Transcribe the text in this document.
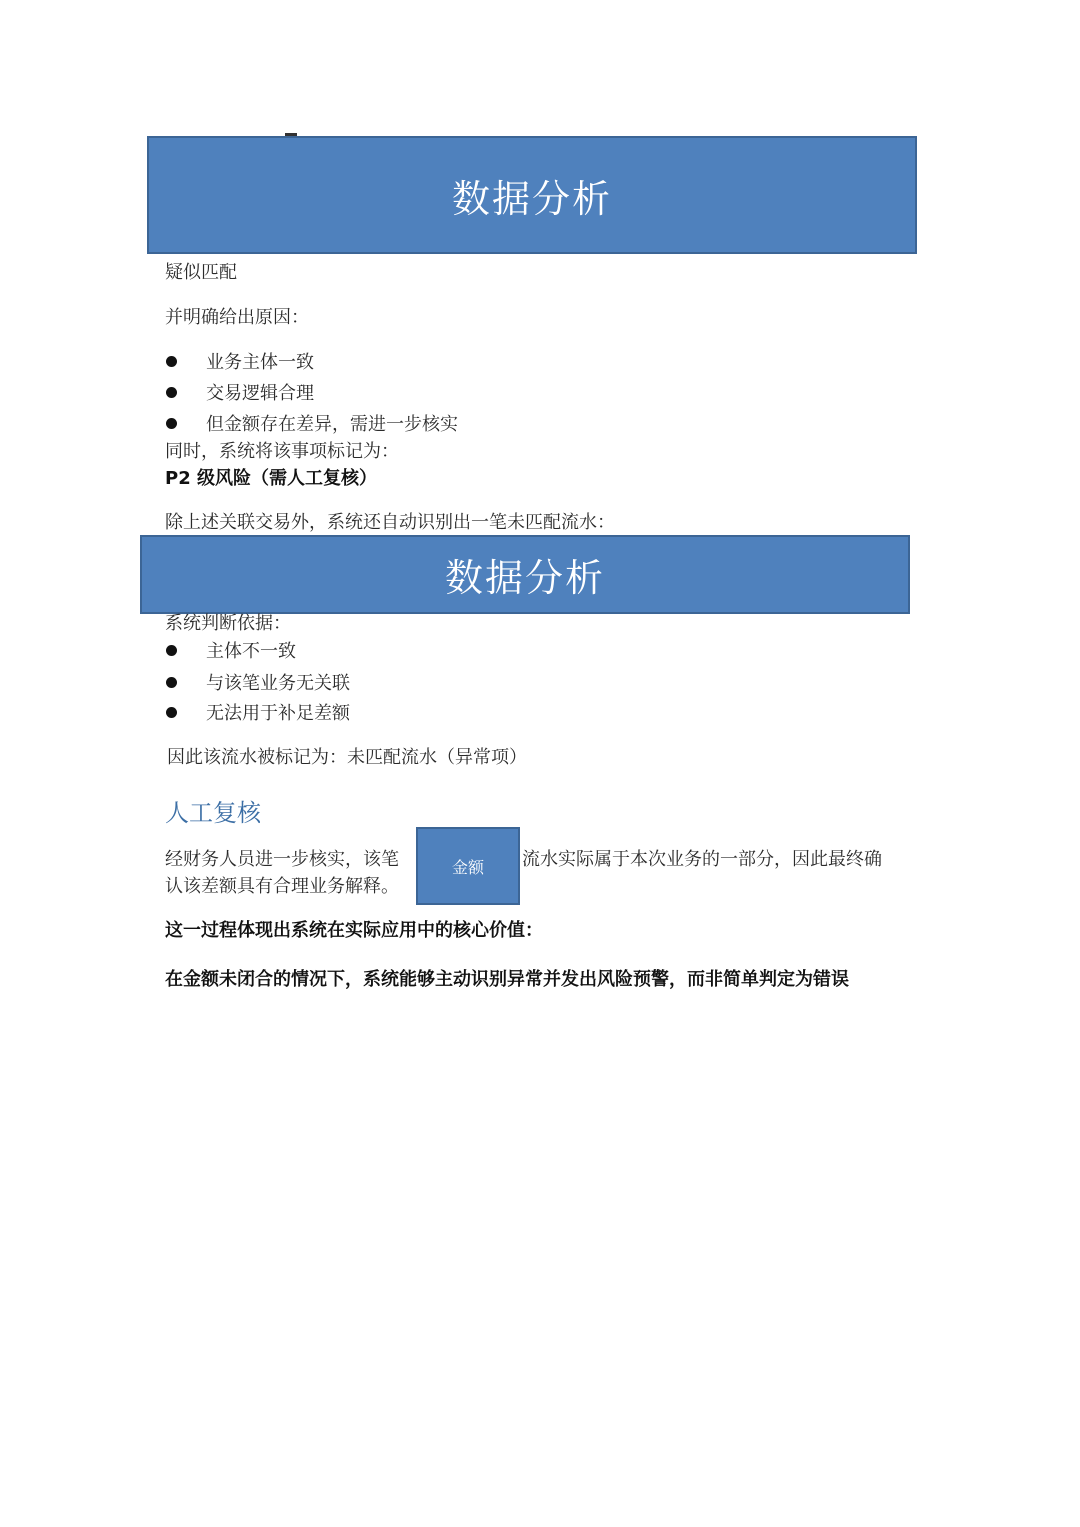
数据分析
疑似匹配
并明确给出原因：
业务主体一致
交易逻辑合理
但金额存在差异，需进一步核实
同时，系统将该事项标记为：
P2 级风险（需人工复核）
除上述关联交易外，系统还自动识别出一笔未匹配流水：
数据分析
系统判断依据：
主体不一致
与该笔业务无关联
无法用于补足差额
因此该流水被标记为：未匹配流水（异常项）
人工复核
经财务人员进一步核实，该笔	流水实际属于本次业务的一部分，因此最终确
认该差额具有合理业务解释。
金额
这一过程体现出系统在实际应用中的核心价值：
在金额未闭合的情况下，系统能够主动识别异常并发出风险预警，而非简单判定为错误
